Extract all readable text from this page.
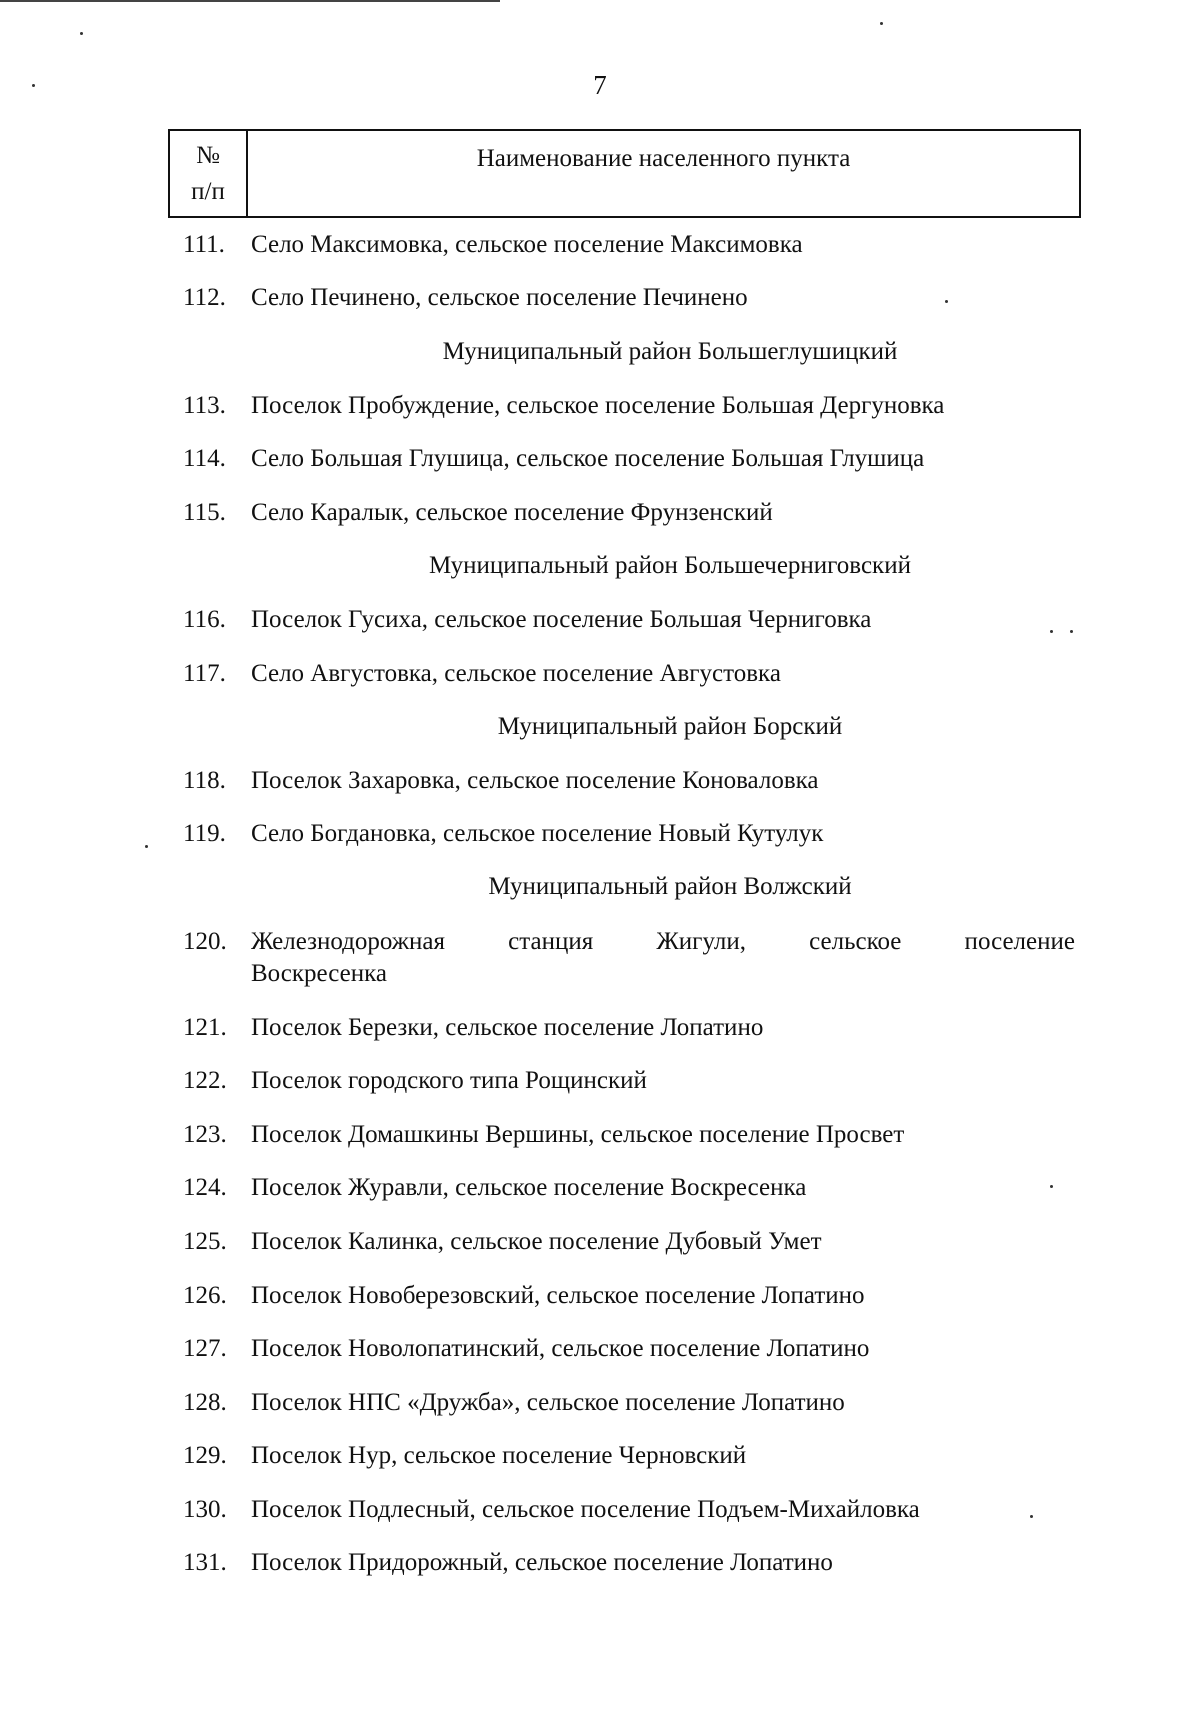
7
№
п/п
Наименование населенного пункта
111.	Село Максимовка, сельское поселение Максимовка
112.	Село Печинено, сельское поселение Печинено
Муниципальный район Большеглушицкий
113.	Поселок Пробуждение, сельское поселение Большая Дергуновка
114.	Село Большая Глушица, сельское поселение Большая Глушица
115.	Село Каралык, сельское поселение Фрунзенский
Муниципальный район Большечерниговский
116.	Поселок Гусиха, сельское поселение Большая Черниговка
117.	Село Августовка, сельское поселение Августовка
Муниципальный район Борский
118.	Поселок Захаровка, сельское поселение Коноваловка
119.	Село Богдановка, сельское поселение Новый Кутулук
Муниципальный район Волжский
120. Железнодорожная станция Жигули, сельское поселение
Воскресенка
121. Поселок Березки, сельское поселение Лопатино
122. Поселок городского типа Рощинский
123. Поселок Домашкины Вершины, сельское поселение Просвет
124. Поселок Журавли, сельское поселение Воскресенка
125. Поселок Калинка, сельское поселение Дубовый Умет
126. Поселок Новоберезовский, сельское поселение Лопатино
127. Поселок Новолопатинский, сельское поселение Лопатино
128. Поселок НПС «Дружба», сельское поселение Лопатино
129. Поселок Нур, сельское поселение Черновский
130. Поселок Подлесный, сельское поселение Подъем-Михайловка
131. Поселок Придорожный, сельское поселение Лопатино
